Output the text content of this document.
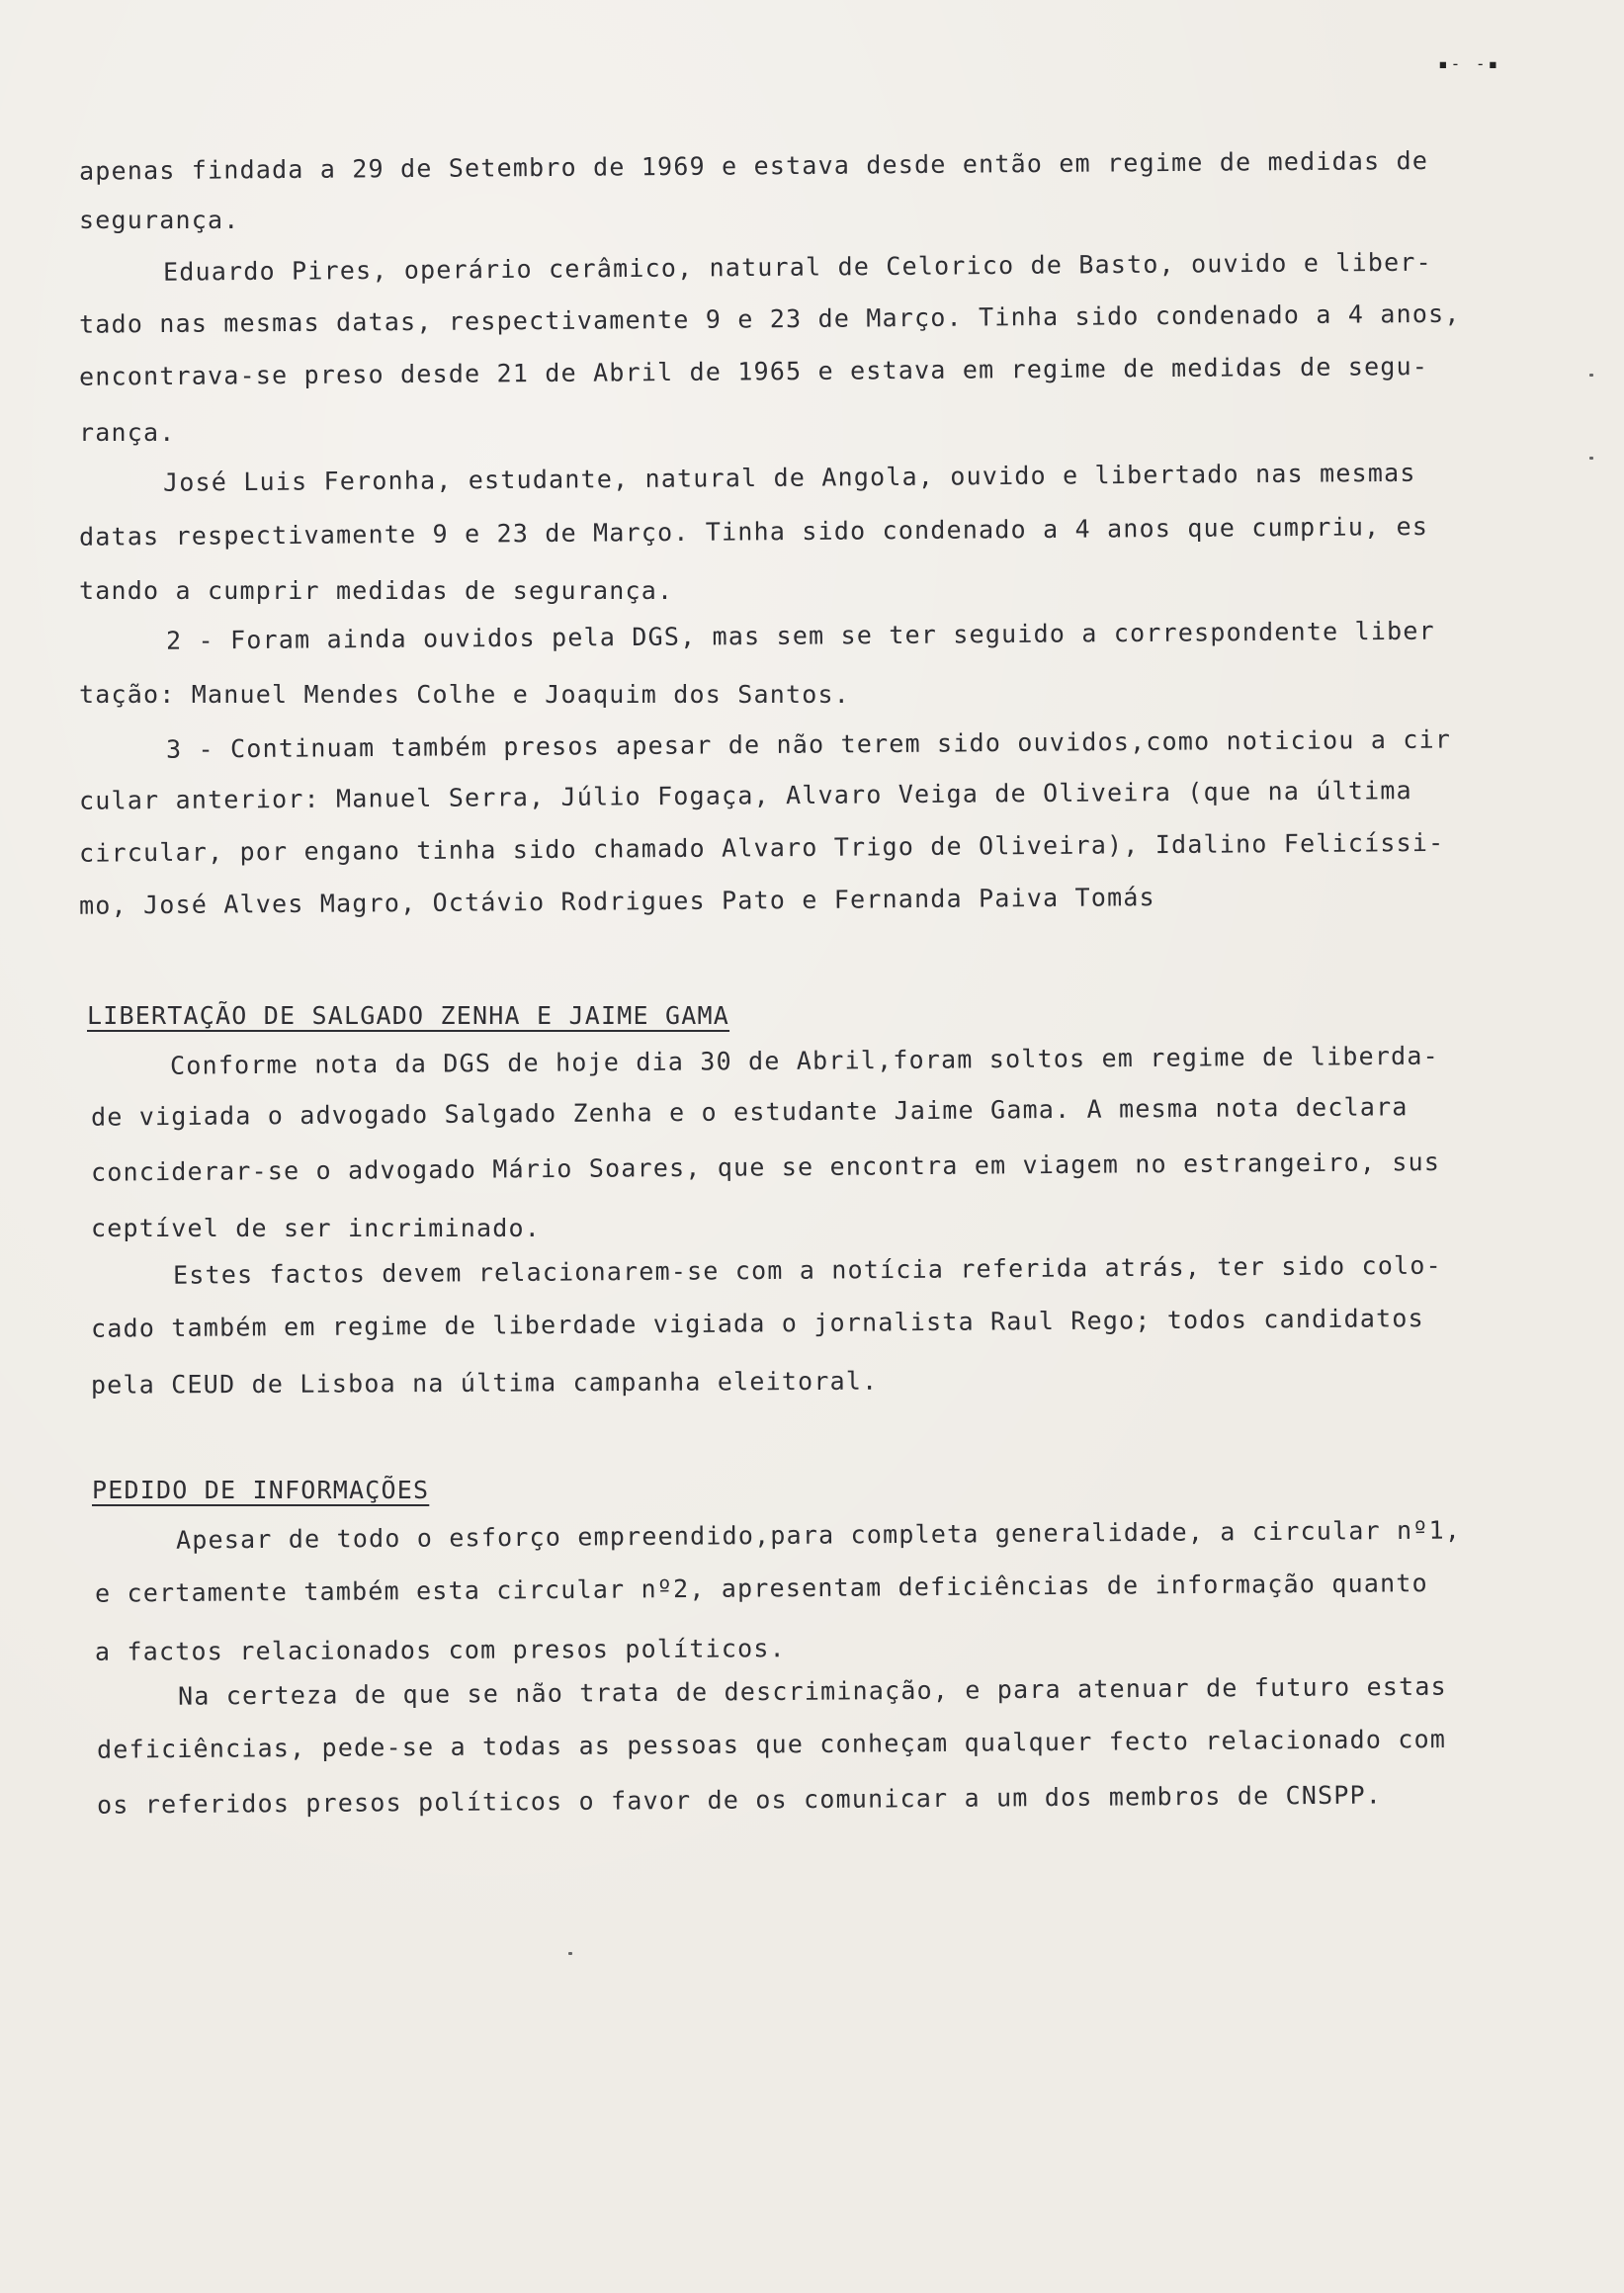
▪‐ ‐▪
apenas findada a 29 de Setembro de 1969 e estava desde então em regime de medidas de
segurança.
Eduardo Pires, operário cerâmico, natural de Celorico de Basto, ouvido e liber-
tado nas mesmas datas, respectivamente 9 e 23 de Março. Tinha sido condenado a 4 anos,
encontrava-se preso desde 21 de Abril de 1965 e estava em regime de medidas de segu-
rança.
José Luis Feronha, estudante, natural de Angola, ouvido e libertado nas mesmas
datas respectivamente 9 e 23 de Março. Tinha sido condenado a 4 anos que cumpriu, es
tando a cumprir medidas de segurança.
2 - Foram ainda ouvidos pela DGS, mas sem se ter seguido a correspondente liber
tação: Manuel Mendes Colhe e Joaquim dos Santos.
3 - Continuam também presos apesar de não terem sido ouvidos,como noticiou a cir
cular anterior: Manuel Serra, Júlio Fogaça, Alvaro Veiga de Oliveira (que na última
circular, por engano tinha sido chamado Alvaro Trigo de Oliveira), Idalino Felicíssi-
mo, José Alves Magro, Octávio Rodrigues Pato e Fernanda Paiva Tomás
LIBERTAÇÃO DE SALGADO ZENHA E JAIME GAMA
Conforme nota da DGS de hoje dia 30 de Abril,foram soltos em regime de liberda-
de vigiada o advogado Salgado Zenha e o estudante Jaime Gama. A mesma nota declara
conciderar-se o advogado Mário Soares, que se encontra em viagem no estrangeiro, sus
ceptível de ser incriminado.
Estes factos devem relacionarem-se com a notícia referida atrás, ter sido colo-
cado também em regime de liberdade vigiada o jornalista Raul Rego; todos candidatos
pela CEUD de Lisboa na última campanha eleitoral.
PEDIDO DE INFORMAÇÕES
Apesar de todo o esforço empreendido,para completa generalidade, a circular nº1,
e certamente também esta circular nº2, apresentam deficiências de informação quanto
a factos relacionados com presos políticos.
Na certeza de que se não trata de descriminação, e para atenuar de futuro estas
deficiências, pede-se a todas as pessoas que conheçam qualquer fecto relacionado com
os referidos presos políticos o favor de os comunicar a um dos membros de CNSPP.
